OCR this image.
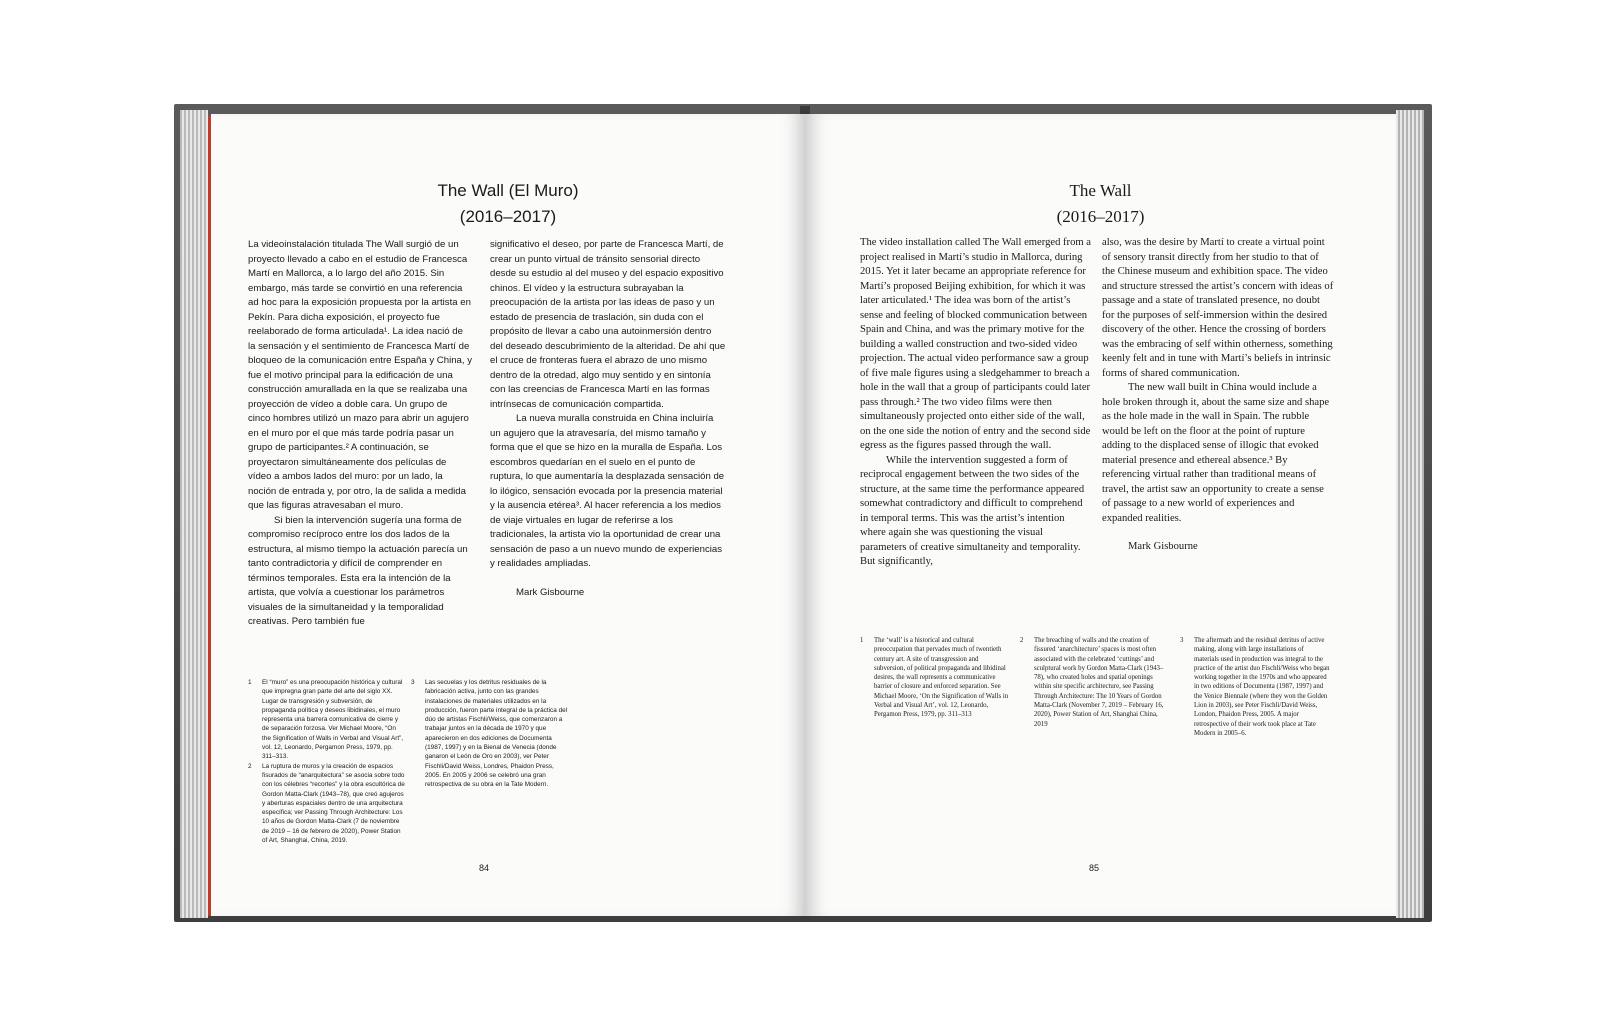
The Wall (El Muro)
(2016–2017)

La videoinstalación titulada The Wall surgió de un proyecto llevado a cabo en el estudio de Francesca Martí en Mallorca, a lo largo del año 2015. Sin embargo, más tarde se convirtió en una referencia ad hoc para la exposición propuesta por la artista en Pekín. Para dicha exposición, el proyecto fue reelaborado de forma articulada¹. La idea nació de la sensación y el sentimiento de Francesca Martí de bloqueo de la comunicación entre España y China, y fue el motivo principal para la edificación de una construcción amurallada en la que se realizaba una proyección de vídeo a doble cara. Un grupo de cinco hombres utilizó un mazo para abrir un agujero en el muro por el que más tarde podría pasar un grupo de participantes.² A continuación, se proyectaron simultáneamente dos películas de vídeo a ambos lados del muro: por un lado, la noción de entrada y, por otro, la de salida a medida que las figuras atravesaban el muro.

Si bien la intervención sugería una forma de compromiso recíproco entre los dos lados de la estructura, al mismo tiempo la actuación parecía un tanto contradictoria y difícil de comprender en términos temporales. Esta era la intención de la artista, que volvía a cuestionar los parámetros visuales de la simultaneidad y la temporalidad creativas. Pero también fue

significativo el deseo, por parte de Francesca Martí, de crear un punto virtual de tránsito sensorial directo desde su estudio al del museo y del espacio expositivo chinos. El vídeo y la estructura subrayaban la preocupación de la artista por las ideas de paso y un estado de presencia de traslación, sin duda con el propósito de llevar a cabo una autoinmersión dentro del deseado descubrimiento de la alteridad. De ahí que el cruce de fronteras fuera el abrazo de uno mismo dentro de la otredad, algo muy sentido y en sintonía con las creencias de Francesca Martí en las formas intrínsecas de comunicación compartida.

La nueva muralla construida en China incluiría un agujero que la atravesaría, del mismo tamaño y forma que el que se hizo en la muralla de España. Los escombros quedarían en el suelo en el punto de ruptura, lo que aumentaría la desplazada sensación de lo ilógico, sensación evocada por la presencia material y la ausencia etérea³. Al hacer referencia a los medios de viaje virtuales en lugar de referirse a los tradicionales, la artista vio la oportunidad de crear una sensación de paso a un nuevo mundo de experiencias y realidades ampliadas.

Mark Gisbourne

1 El “muro” es una preocupación histórica y cultural que impregna gran parte del arte del siglo XX. Lugar de transgresión y subversión, de propaganda política y deseos libidinales, el muro representa una barrera comunicativa de cierre y de separación forzosa. Ver Michael Moore, “On the Signification of Walls in Verbal and Visual Art”, vol. 12, Leonardo, Pergamon Press, 1979, pp. 311–313.

2 La ruptura de muros y la creación de espacios fisurados de “anarquitectura” se asocia sobre todo con los célebres “recortes” y la obra escultórica de Gordon Matta-Clark (1943–78), que creó agujeros y aberturas espaciales dentro de una arquitectura específica; ver Passing Through Architecture: Los 10 años de Gordon Matta-Clark (7 de noviembre de 2019 – 16 de febrero de 2020), Power Station of Art, Shanghai, China, 2019.

3 Las secuelas y los detritus residuales de la fabricación activa, junto con las grandes instalaciones de materiales utilizados en la producción, fueron parte integral de la práctica del dúo de artistas Fischli/Weiss, que comenzaron a trabajar juntos en la década de 1970 y que aparecieron en dos ediciones de Documenta (1987, 1997) y en la Bienal de Venecia (donde ganaron el León de Oro en 2003), ver Peter Fischli/David Weiss, Londres, Phaidon Press, 2005. En 2005 y 2006 se celebró una gran retrospectiva de su obra en la Tate Modern.

84
The Wall
(2016–2017)

The video installation called The Wall emerged from a project realised in Martí’s studio in Mallorca, during 2015. Yet it later became an appropriate reference for Martí’s proposed Beijing exhibition, for which it was later articulated.¹ The idea was born of the artist’s sense and feeling of blocked communication between Spain and China, and was the primary motive for the building a walled construction and two-sided video projection. The actual video performance saw a group of five male figures using a sledgehammer to breach a hole in the wall that a group of participants could later pass through.² The two video films were then simultaneously projected onto either side of the wall, on the one side the notion of entry and the second side egress as the figures passed through the wall.

While the intervention suggested a form of reciprocal engagement between the two sides of the structure, at the same time the performance appeared somewhat contradictory and difficult to comprehend in temporal terms. This was the artist’s intention where again she was questioning the visual parameters of creative simultaneity and temporality. But significantly,

also, was the desire by Martí to create a virtual point of sensory transit directly from her studio to that of the Chinese museum and exhibition space. The video and structure stressed the artist’s concern with ideas of passage and a state of translated presence, no doubt for the purposes of self-immersion within the desired discovery of the other. Hence the crossing of borders was the embracing of self within otherness, something keenly felt and in tune with Martí’s beliefs in intrinsic forms of shared communication.

The new wall built in China would include a hole broken through it, about the same size and shape as the hole made in the wall in Spain. The rubble would be left on the floor at the point of rupture adding to the displaced sense of illogic that evoked material presence and ethereal absence.³ By referencing virtual rather than traditional means of travel, the artist saw an opportunity to create a sense of passage to a new world of experiences and expanded realities.

Mark Gisbourne

1 The ‘wall’ is a historical and cultural preoccupation that pervades much of twentieth century art. A site of transgression and subversion, of political propaganda and libidinal desires, the wall represents a communicative barrier of closure and enforced separation. See Michael Moore, ‘On the Signification of Walls in Verbal and Visual Art’, vol. 12, Leonardo, Pergamon Press, 1979, pp. 311–313

2 The breaching of walls and the creation of fissured ‘anarchitecture’ spaces is most often associated with the celebrated ‘cuttings’ and sculptural work by Gordon Matta-Clark (1943–78), who created holes and spatial openings within site specific architecture, see Passing Through Architecture: The 10 Years of Gordon Matta-Clark (November 7, 2019 – February 16, 2020), Power Station of Art, Shanghai China, 2019

3 The aftermath and the residual detritus of active making, along with large installations of materials used in production was integral to the practice of the artist duo Fischli/Weiss who began working together in the 1970s and who appeared in two editions of Documenta (1987, 1997) and the Venice Biennale (where they won the Golden Lion in 2003), see Peter Fischli/David Weiss, London, Phaidon Press, 2005. A major retrospective of their work took place at Tate Modern in 2005–6.

85
